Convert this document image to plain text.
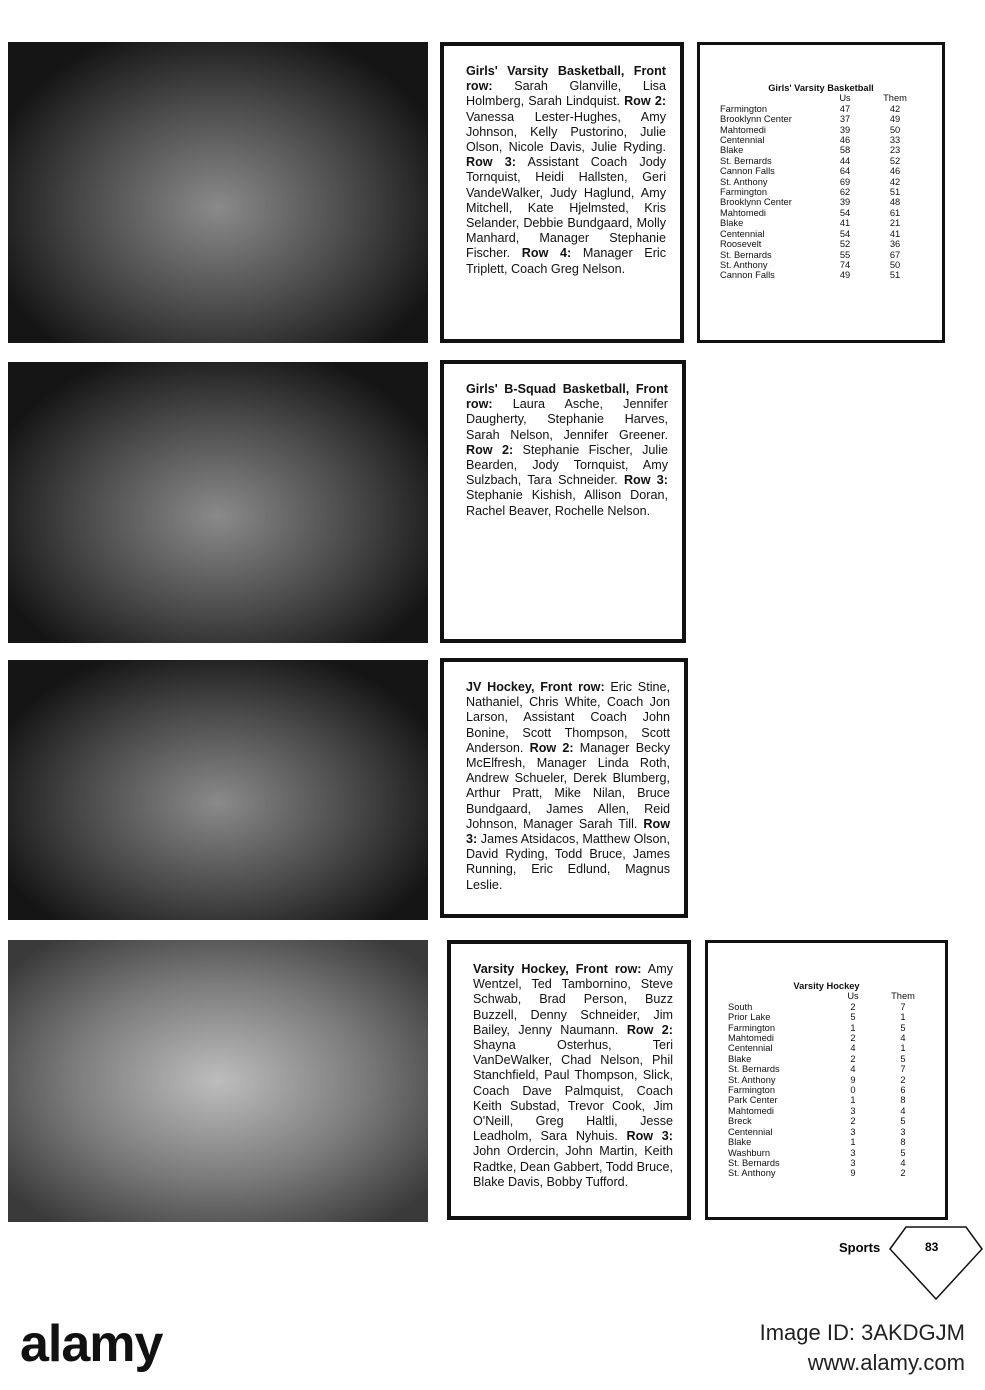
Girls' Varsity Basketball, Front row: Sarah Glanville, Lisa Holmberg, Sarah Lindquist. Row 2: Vanessa Lester-Hughes, Amy Johnson, Kelly Pustorino, Julie Olson, Nicole Davis, Julie Ryding. Row 3: Assistant Coach Jody Tornquist, Heidi Hallsten, Geri VandeWalker, Judy Haglund, Amy Mitchell, Kate Hjelmsted, Kris Selander, Debbie Bundgaard, Molly Manhard, Manager Stephanie Fischer. Row 4: Manager Eric Triplett, Coach Greg Nelson.
Girls' B-Squad Basketball, Front row: Laura Asche, Jennifer Daugherty, Stephanie Harves, Sarah Nelson, Jennifer Greener. Row 2: Stephanie Fischer, Julie Bearden, Jody Tornquist, Amy Sulzbach, Tara Schneider. Row 3: Stephanie Kishish, Allison Doran, Rachel Beaver, Rochelle Nelson.
JV Hockey, Front row: Eric Stine, Nathaniel, Chris White, Coach Jon Larson, Assistant Coach John Bonine, Scott Thompson, Scott Anderson. Row 2: Manager Becky McElfresh, Manager Linda Roth, Andrew Schueler, Derek Blumberg, Arthur Pratt, Mike Nilan, Bruce Bundgaard, James Allen, Reid Johnson, Manager Sarah Till. Row 3: James Atsidacos, Matthew Olson, David Ryding, Todd Bruce, James Running, Eric Edlund, Magnus Leslie.
Varsity Hockey, Front row: Amy Wentzel, Ted Tambornino, Steve Schwab, Brad Person, Buzz Buzzell, Denny Schneider, Jim Bailey, Jenny Naumann. Row 2: Shayna Osterhus, Teri VanDeWalker, Chad Nelson, Phil Stanchfield, Paul Thompson, Slick, Coach Dave Palmquist, Coach Keith Substad, Trevor Cook, Jim O'Neill, Greg Haltli, Jesse Leadholm, Sara Nyhuis. Row 3: John Ordercin, John Martin, Keith Radtke, Dean Gabbert, Todd Bruce, Blake Davis, Bobby Tufford.
Girls' Varsity Basketball
	Us	Them
Farmington	47	42
Brooklynn Center	37	49
Mahtomedi	39	50
Centennial	46	33
Blake	58	23
St. Bernards	44	52
Cannon Falls	64	46
St. Anthony	69	42
Farmington	62	51
Brooklynn Center	39	48
Mahtomedi	54	61
Blake	41	21
Centennial	54	41
Roosevelt	52	36
St. Bernards	55	67
St. Anthony	74	50
Cannon Falls	49	51
Varsity Hockey
	Us	Them
South	2	7
Prior Lake	5	1
Farmington	1	5
Mahtomedi	2	4
Centennial	4	1
Blake	2	5
St. Bernards	4	7
St. Anthony	9	2
Farmington	0	6
Park Center	1	8
Mahtomedi	3	4
Breck	2	5
Centennial	3	3
Blake	1	8
Washburn	3	5
St. Bernards	3	4
St. Anthony	9	2
Sports	83
alamy	Image ID: 3AKDGJM
www.alamy.com
